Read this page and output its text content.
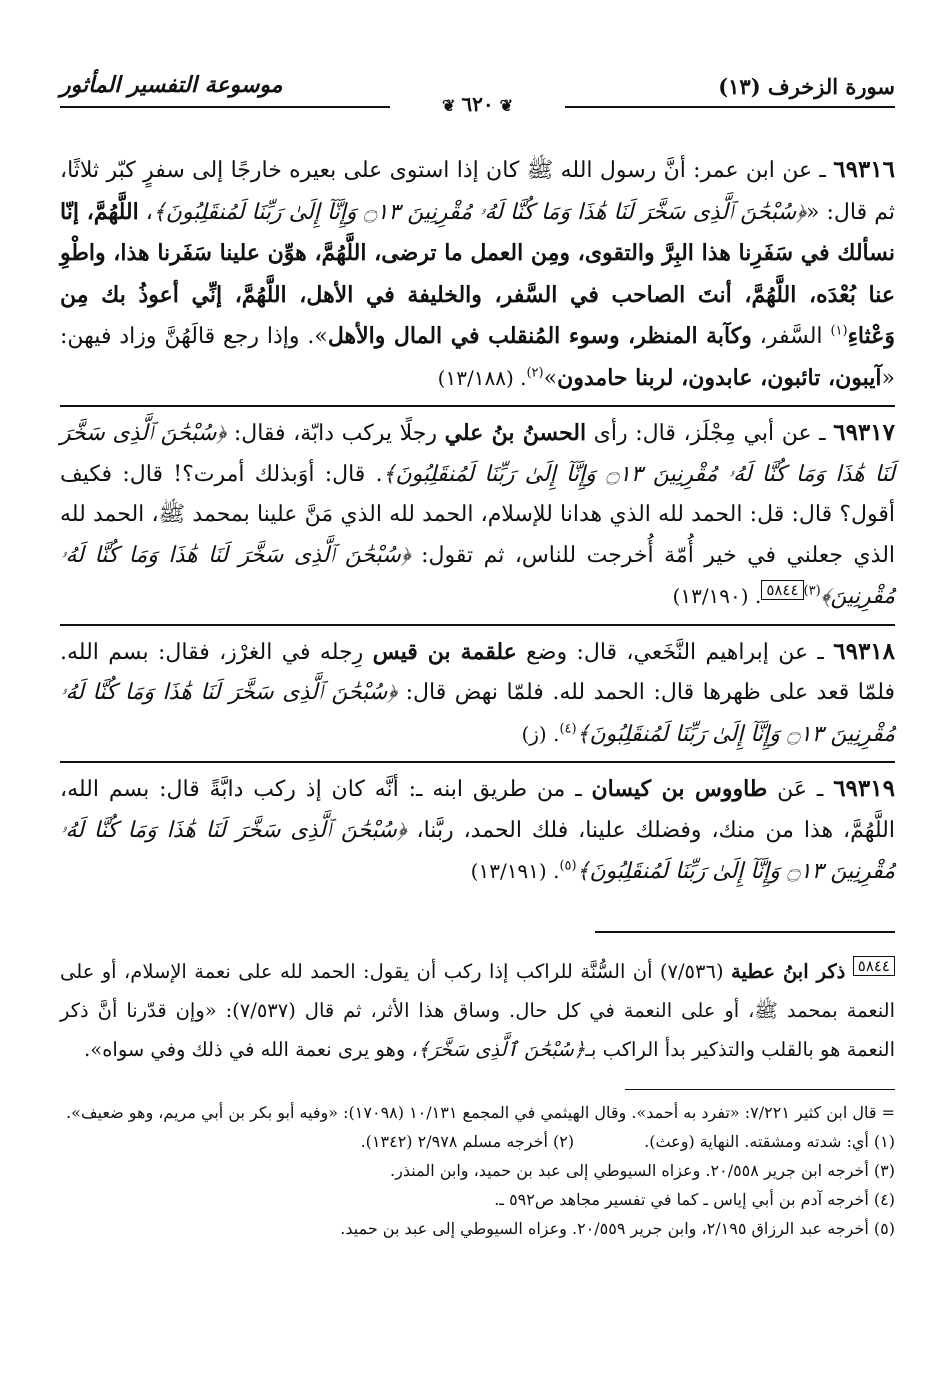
سورة الزخرف (١٣)
موسوعة التفسير المأثور
❦٦٢٠❦

٦٩٣١٦ ـ عن ابن عمر: أنَّ رسول الله ﷺ كان إذا استوى على بعيره خارجًا إلى سفرٍ كبّر ثلاثًا، ثم قال: «﴿سُبْحَٰنَ ٱلَّذِى سَخَّرَ لَنَا هَٰذَا وَمَا كُنَّا لَهُۥ مُقْرِنِينَ ۝١٣ وَإِنَّآ إِلَىٰ رَبِّنَا لَمُنقَلِبُونَ﴾، اللَّهُمَّ، إنّا نسألك في سَفَرِنا هذا البِرَّ والتقوى، ومِن العمل ما ترضى، اللَّهُمَّ، هوِّن علينا سَفَرنا هذا، واطْوِ عنا بُعْدَه، اللَّهُمَّ، أنتَ الصاحب في السَّفر، والخليفة في الأهل، اللَّهُمَّ، إنِّي أعوذُ بك مِن وَعْثاءِ$^{(١)}$ السَّفر، وكآبة المنظر، وسوء المُنقلب في المال والأهل». وإذا رجع قالَهُنَّ وزاد فيهن: «آيبون، تائبون، عابدون، لربنا حامدون»$^{(٢)}$. (١٣/١٨٨)

٦٩٣١٧ ـ عن أبي مِجْلَز، قال: رأى الحسنُ بنُ علي رجلًا يركب دابّة، فقال: ﴿سُبْحَٰنَ ٱلَّذِى سَخَّرَ لَنَا هَٰذَا وَمَا كُنَّا لَهُۥ مُقْرِنِينَ ۝١٣ وَإِنَّآ إِلَىٰ رَبِّنَا لَمُنقَلِبُونَ﴾. قال: أوَبذلك أمرت؟! قال: فكيف أقول؟ قال: قل: الحمد لله الذي هدانا للإسلام، الحمد لله الذي مَنَّ علينا بمحمد ﷺ، الحمد لله الذي جعلني في خير أُمّة أُخرجت للناس، ثم تقول: ﴿سُبْحَٰنَ ٱلَّذِى سَخَّرَ لَنَا هَٰذَا وَمَا كُنَّا لَهُۥ مُقْرِنِينَ﴾$^{(٣)}$٥٨٤٤. (١٣/١٩٠)

٦٩٣١٨ ـ عن إبراهيم النَّخَعي، قال: وضع علقمة بن قيس رِجله في الغرْز، فقال: بسم الله. فلمّا قعد على ظهرها قال: الحمد لله. فلمّا نهض قال: ﴿سُبْحَٰنَ ٱلَّذِى سَخَّرَ لَنَا هَٰذَا وَمَا كُنَّا لَهُۥ مُقْرِنِينَ ۝١٣ وَإِنَّآ إِلَىٰ رَبِّنَا لَمُنقَلِبُونَ﴾$^{(٤)}$. (ز)

٦٩٣١٩ ـ عَن طاووس بن كيسان ـ من طريق ابنه ـ: أنَّه كان إذ ركب دابَّةً قال: بسم الله، اللَّهُمَّ، هذا من منك، وفضلك علينا، فلك الحمد، ربَّنا، ﴿سُبْحَٰنَ ٱلَّذِى سَخَّرَ لَنَا هَٰذَا وَمَا كُنَّا لَهُۥ مُقْرِنِينَ ۝١٣ وَإِنَّآ إِلَىٰ رَبِّنَا لَمُنقَلِبُونَ﴾$^{(٥)}$. (١٣/١٩١)

٥٨٤٤ ذكر ابنُ عطية (٧/٥٣٦) أن السُّنَّة للراكب إذا ركب أن يقول: الحمد لله على نعمة الإسلام، أو على النعمة بمحمد ﷺ، أو على النعمة في كل حال. وساق هذا الأثر، ثم قال (٧/٥٣٧): «وإن قدّرنا أنَّ ذكر النعمة هو بالقلب والتذكير بدأ الراكب بـ﴿سُبْحَٰنَ ٱلَّذِى سَخَّرَ﴾، وهو يرى نعمة الله في ذلك وفي سواه».

= قال ابن كثير ٧/٢٢١: «تفرد به أحمد». وقال الهيثمي في المجمع ١٠/١٣١ (١٧٠٩٨): «وفيه أبو بكر بن أبي مريم، وهو ضعيف».
(١) أي: شدته ومشقته. النهاية (وعث).
(٢) أخرجه مسلم ٢/٩٧٨ (١٣٤٢).
(٣) أخرجه ابن جرير ٢٠/٥٥٨. وعزاه السيوطي إلى عبد بن حميد، وابن المنذر.
(٤) أخرجه آدم بن أبي إياس ـ كما في تفسير مجاهد ص٥٩٢ ـ.
(٥) أخرجه عبد الرزاق ٢/١٩٥، وابن جرير ٢٠/٥٥٩. وعزاه السيوطي إلى عبد بن حميد.
